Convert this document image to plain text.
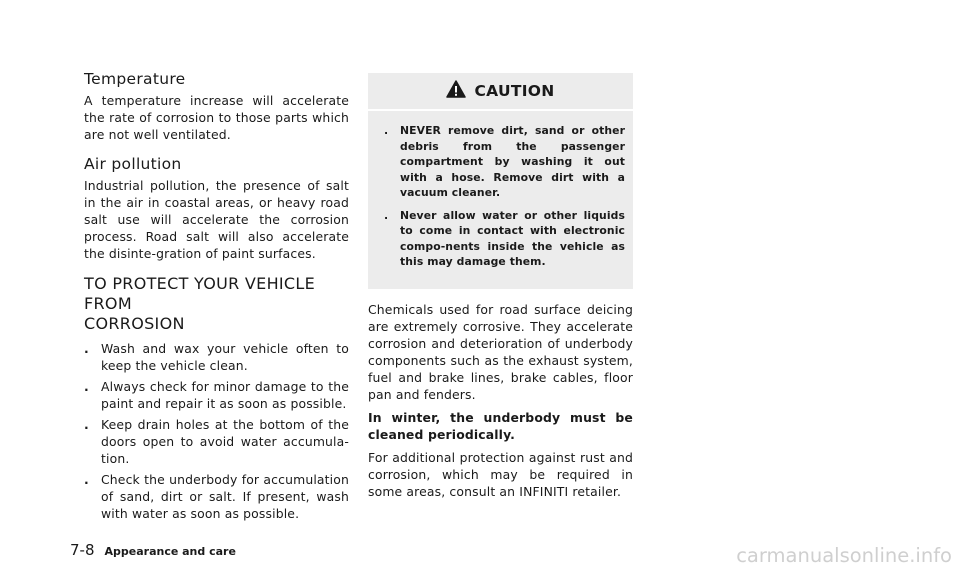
Temperature

A temperature increase will accelerate the rate of corrosion to those parts which are not well ventilated.

Air pollution

Industrial pollution, the presence of salt in the air in coastal areas, or heavy road salt use will accelerate the corrosion process. Road salt will also accelerate the disinte-gration of paint surfaces.

TO PROTECT YOUR VEHICLE FROM
CORROSION
. Wash and wax your vehicle often to keep the vehicle clean.
. Always check for minor damage to the paint and repair it as soon as possible.
. Keep drain holes at the bottom of the doors open to avoid water accumula-tion.
. Check the underbody for accumulation of sand, dirt or salt. If present, wash with water as soon as possible.
CAUTION
. NEVER remove dirt, sand or other debris from the passenger compartment by washing it out with a hose. Remove dirt with a vacuum cleaner.
. Never allow water or other liquids to come in contact with electronic compo-nents inside the vehicle as this may damage them.

Chemicals used for road surface deicing are extremely corrosive. They accelerate corrosion and deterioration of underbody components such as the exhaust system, fuel and brake lines, brake cables, floor pan and fenders.

In winter, the underbody must be cleaned periodically.

For additional protection against rust and corrosion, which may be required in some areas, consult an INFINITI retailer.

7-8 Appearance and care	carmanualsonline.info
